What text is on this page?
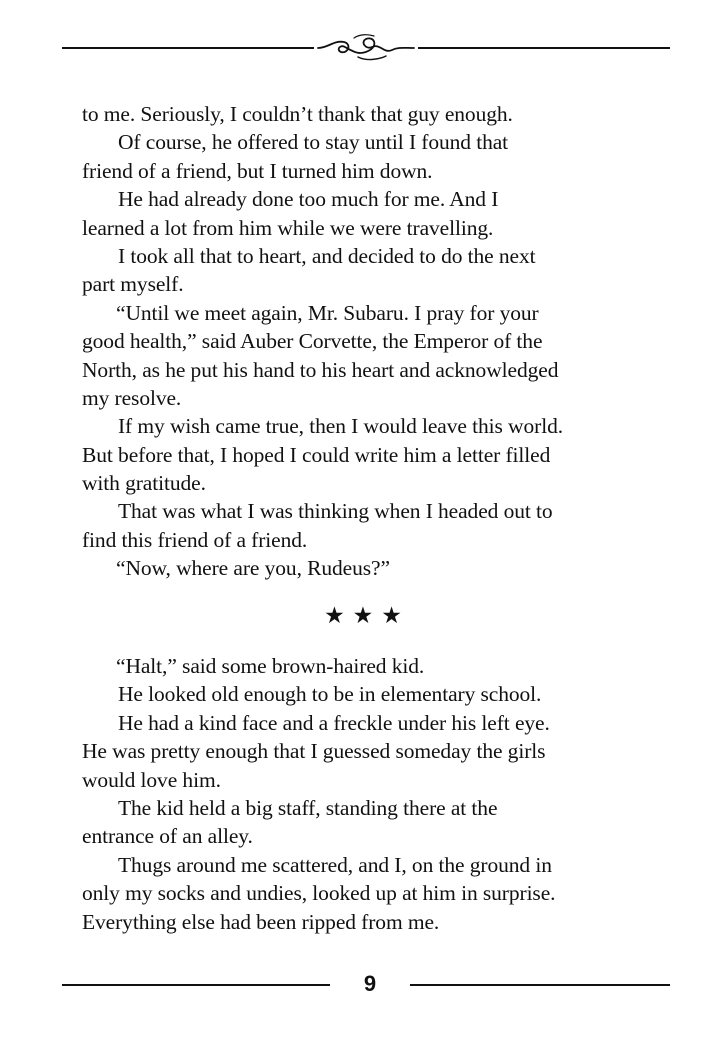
to me. Seriously, I couldn’t thank that guy enough.
Of course, he offered to stay until I found that
friend of a friend, but I turned him down.
He had already done too much for me. And I
learned a lot from him while we were travelling.
I took all that to heart, and decided to do the next
part myself.
“Until we meet again, Mr. Subaru. I pray for your
good health,” said Auber Corvette, the Emperor of the
North, as he put his hand to his heart and acknowledged
my resolve.
If my wish came true, then I would leave this world.
But before that, I hoped I could write him a letter filled
with gratitude.
That was what I was thinking when I headed out to
find this friend of a friend.
“Now, where are you, Rudeus?”
★★★
“Halt,” said some brown-haired kid.
He looked old enough to be in elementary school.
He had a kind face and a freckle under his left eye.
He was pretty enough that I guessed someday the girls
would love him.
The kid held a big staff, standing there at the
entrance of an alley.
Thugs around me scattered, and I, on the ground in
only my socks and undies, looked up at him in surprise.
Everything else had been ripped from me.
9
